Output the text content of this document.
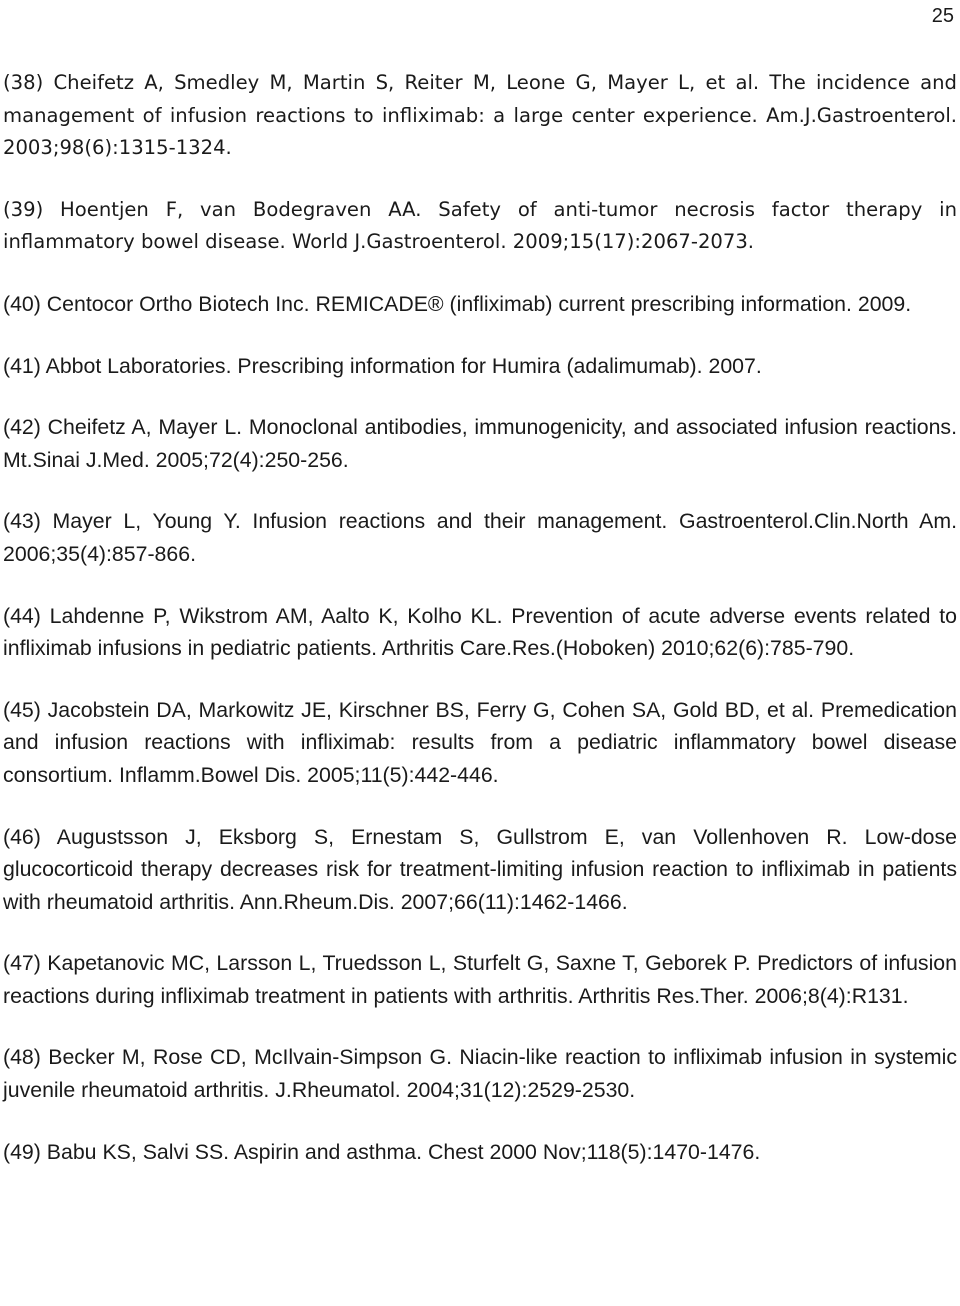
25

(38) Cheifetz A, Smedley M, Martin S, Reiter M, Leone G, Mayer L, et al. The incidence and management of infusion reactions to infliximab: a large center experience. Am.J.Gastroenterol. 2003;98(6):1315-1324.

(39) Hoentjen F, van Bodegraven AA. Safety of anti-tumor necrosis factor therapy in inflammatory bowel disease. World J.Gastroenterol. 2009;15(17):2067-2073.

(40) Centocor Ortho Biotech Inc. REMICADE® (infliximab) current prescribing information. 2009.

(41) Abbot Laboratories. Prescribing information for Humira (adalimumab). 2007.

(42) Cheifetz A, Mayer L. Monoclonal antibodies, immunogenicity, and associated infusion reactions. Mt.Sinai J.Med. 2005;72(4):250-256.

(43) Mayer L, Young Y. Infusion reactions and their management. Gastroenterol.Clin.North Am. 2006;35(4):857-866.

(44) Lahdenne P, Wikstrom AM, Aalto K, Kolho KL. Prevention of acute adverse events related to infliximab infusions in pediatric patients. Arthritis Care.Res.(Hoboken) 2010;62(6):785-790.

(45) Jacobstein DA, Markowitz JE, Kirschner BS, Ferry G, Cohen SA, Gold BD, et al. Premedication and infusion reactions with infliximab: results from a pediatric inflammatory bowel disease consortium. Inflamm.Bowel Dis. 2005;11(5):442-446.

(46) Augustsson J, Eksborg S, Ernestam S, Gullstrom E, van Vollenhoven R. Low-dose glucocorticoid therapy decreases risk for treatment-limiting infusion reaction to infliximab in patients with rheumatoid arthritis. Ann.Rheum.Dis. 2007;66(11):1462-1466.

(47) Kapetanovic MC, Larsson L, Truedsson L, Sturfelt G, Saxne T, Geborek P. Predictors of infusion reactions during infliximab treatment in patients with arthritis. Arthritis Res.Ther. 2006;8(4):R131.

(48) Becker M, Rose CD, McIlvain-Simpson G. Niacin-like reaction to infliximab infusion in systemic juvenile rheumatoid arthritis. J.Rheumatol. 2004;31(12):2529-2530.

(49) Babu KS, Salvi SS. Aspirin and asthma. Chest 2000 Nov;118(5):1470-1476.
